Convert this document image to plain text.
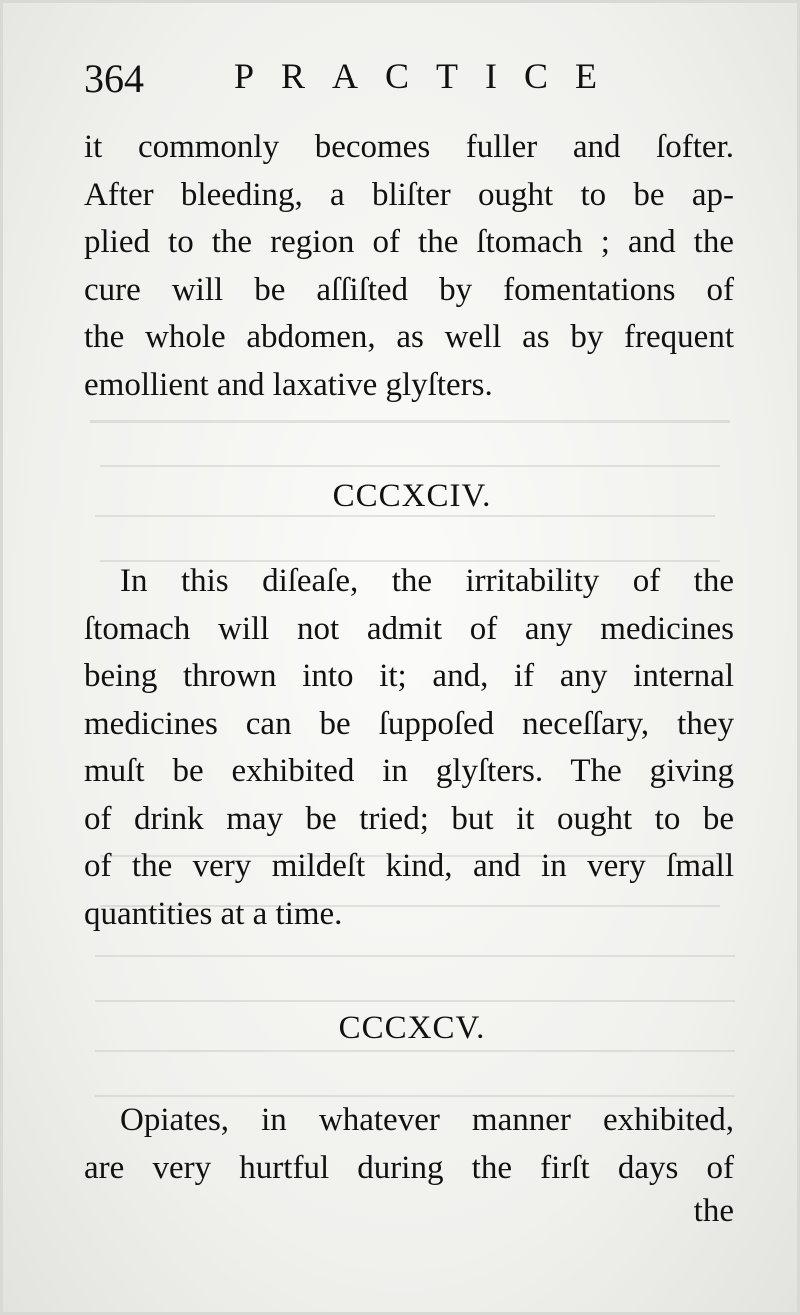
364	PRACTICE
it commonly becomes fuller and ſofter.
After bleeding, a bliſter ought to be ap-
plied to the region of the ſtomach ; and the
cure will be aſſiſted by fomentations of
the whole abdomen, as well as by frequent
emollient and laxative glyſters.
CCCXCIV.
In this diſeaſe, the irritability of the
ſtomach will not admit of any medicines
being thrown into it; and, if any internal
medicines can be ſuppoſed neceſſary, they
muſt be exhibited in glyſters. The giving
of drink may be tried; but it ought to be
of the very mildeſt kind, and in very ſmall
quantities at a time.
CCCXCV.
Opiates, in whatever manner exhibited,
are very hurtful during the firſt days of
the
